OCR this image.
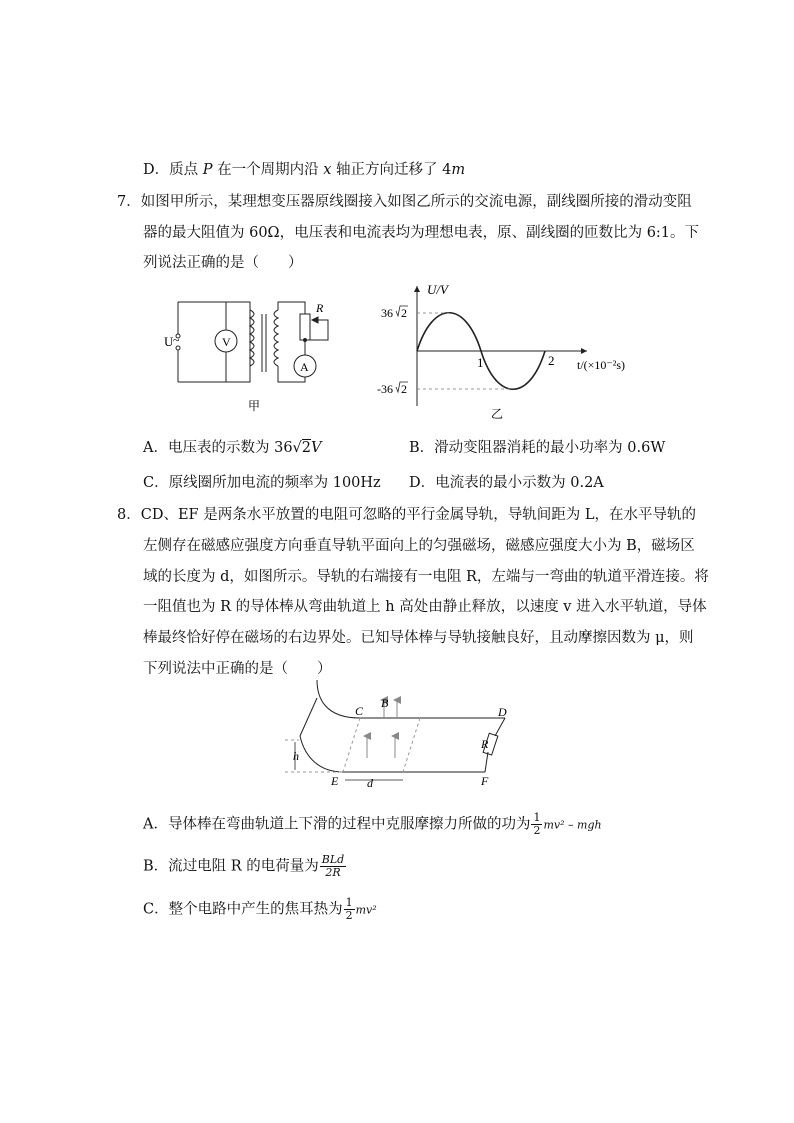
D．质点 P 在一个周期内沿 x 轴正方向迁移了 4m
7．如图甲所示，某理想变压器原线圈接入如图乙所示的交流电源，副线圈所接的滑动变阻
器的最大阻值为 60Ω，电压表和电流表均为理想电表，原、副线圈的匝数比为 6:1。下
列说法正确的是（　　）
U ~	V
A
R
甲
U/V
36 2
-36 2
1	2 t/(×10⁻²s)
乙
A．电压表的示数为 36√2V	B．滑动变阻器消耗的最小功率为 0.6W
C．原线圈所加电流的频率为 100Hz D．电流表的最小示数为 0.2A
8．CD、EF 是两条水平放置的电阻可忽略的平行金属导轨，导轨间距为 L，在水平导轨的
左侧存在磁感应强度方向垂直导轨平面向上的匀强磁场，磁感应强度大小为 B，磁场区
域的长度为 d，如图所示。导轨的右端接有一电阻 R，左端与一弯曲的轨道平滑连接。将
一阻值也为 R 的导体棒从弯曲轨道上 h 高处由静止释放，以速度 v 进入水平轨道，导体
棒最终恰好停在磁场的右边界处。已知导体棒与导轨接触良好，且动摩擦因数为 μ，则
下列说法中正确的是（　　）
C
B
D
R
h
E d	F
A．导体棒在弯曲轨道上下滑的过程中克服摩擦力所做的功为 $\frac{1}{2} mv^2$ – mgh
B．流过电阻 R 的电荷量为 $\frac{\text{BLd}}{2R}$
C．整个电路中产生的焦耳热为 $\frac{1}{2} mv^2$
